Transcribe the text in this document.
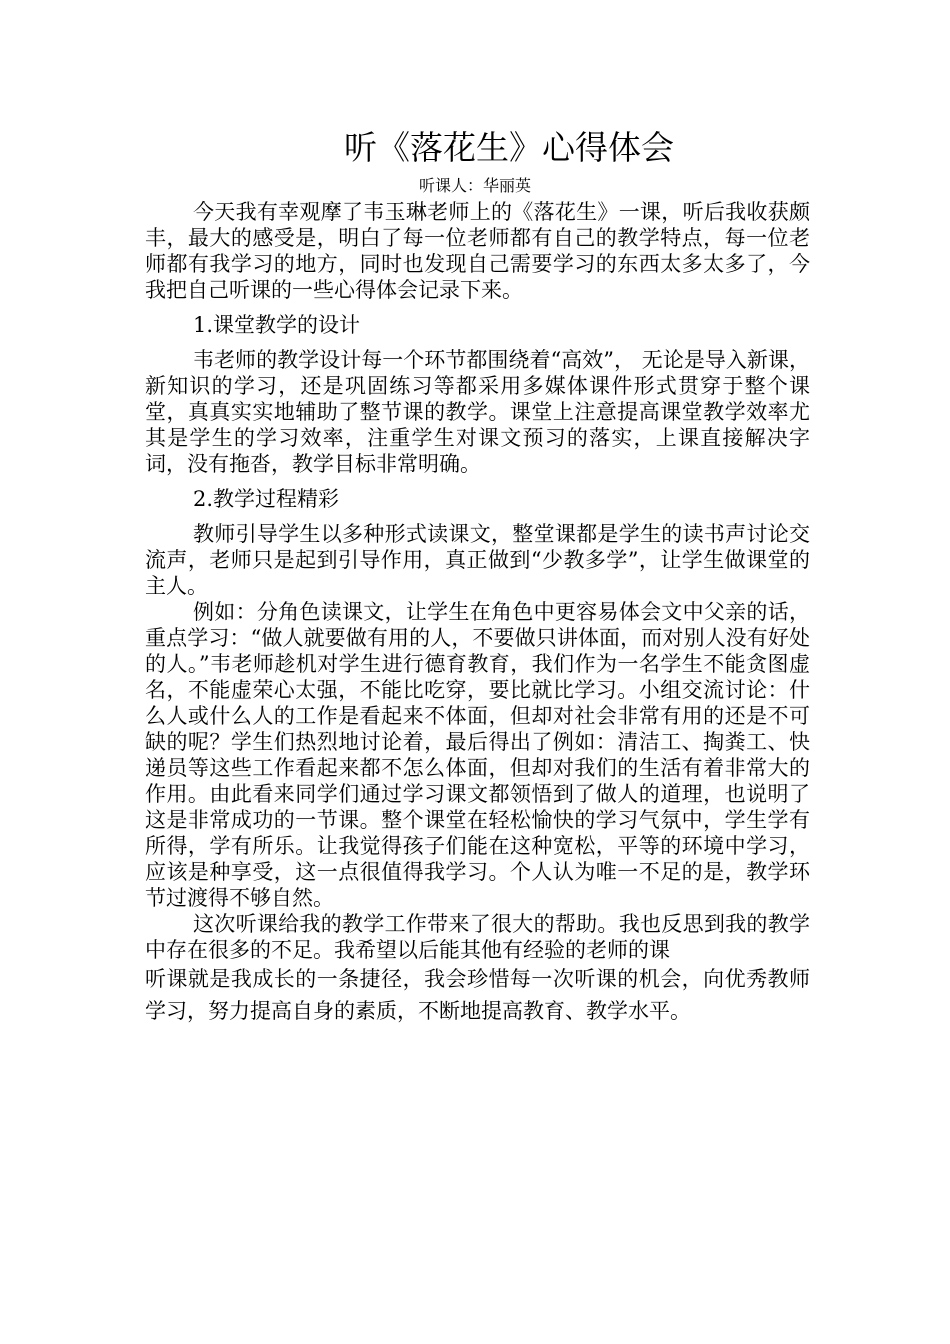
听《落花生》心得体会
听课人：华丽英

今天我有幸观摩了韦玉琳老师上的《落花生》一课，听后我收获颇丰，最大的感受是，明白了每一位老师都有自己的教学特点，每一位老师都有我学习的地方，同时也发现自己需要学习的东西太多太多了，今我把自己听课的一些心得体会记录下来。

1.课堂教学的设计

韦老师的教学设计每一个环节都围绕着“高效”， 无论是导入新课，新知识的学习，还是巩固练习等都采用多媒体课件形式贯穿于整个课堂，真真实实地辅助了整节课的教学。课堂上注意提高课堂教学效率尤其是学生的学习效率，注重学生对课文预习的落实，上课直接解决字词，没有拖沓，教学目标非常明确。

2.教学过程精彩

教师引导学生以多种形式读课文，整堂课都是学生的读书声讨论交流声，老师只是起到引导作用，真正做到“少教多学”，让学生做课堂的主人。

例如：分角色读课文，让学生在角色中更容易体会文中父亲的话，重点学习：“做人就要做有用的人，不要做只讲体面，而对别人没有好处的人。”韦老师趁机对学生进行德育教育，我们作为一名学生不能贪图虚名，不能虚荣心太强，不能比吃穿，要比就比学习。小组交流讨论：什么人或什么人的工作是看起来不体面，但却对社会非常有用的还是不可缺的呢？学生们热烈地讨论着，最后得出了例如：清洁工、掏粪工、快递员等这些工作看起来都不怎么体面，但却对我们的生活有着非常大的作用。由此看来同学们通过学习课文都领悟到了做人的道理，也说明了这是非常成功的一节课。整个课堂在轻松愉快的学习气氛中，学生学有所得，学有所乐。让我觉得孩子们能在这种宽松，平等的环境中学习，应该是种享受，这一点很值得我学习。个人认为唯一不足的是，教学环节过渡得不够自然。

这次听课给我的教学工作带来了很大的帮助。我也反思到我的教学中存在很多的不足。我希望以后能其他有经验的老师的课

听课就是我成长的一条捷径，我会珍惜每一次听课的机会，向优秀教师学习，努力提高自身的素质，不断地提高教育、教学水平。
